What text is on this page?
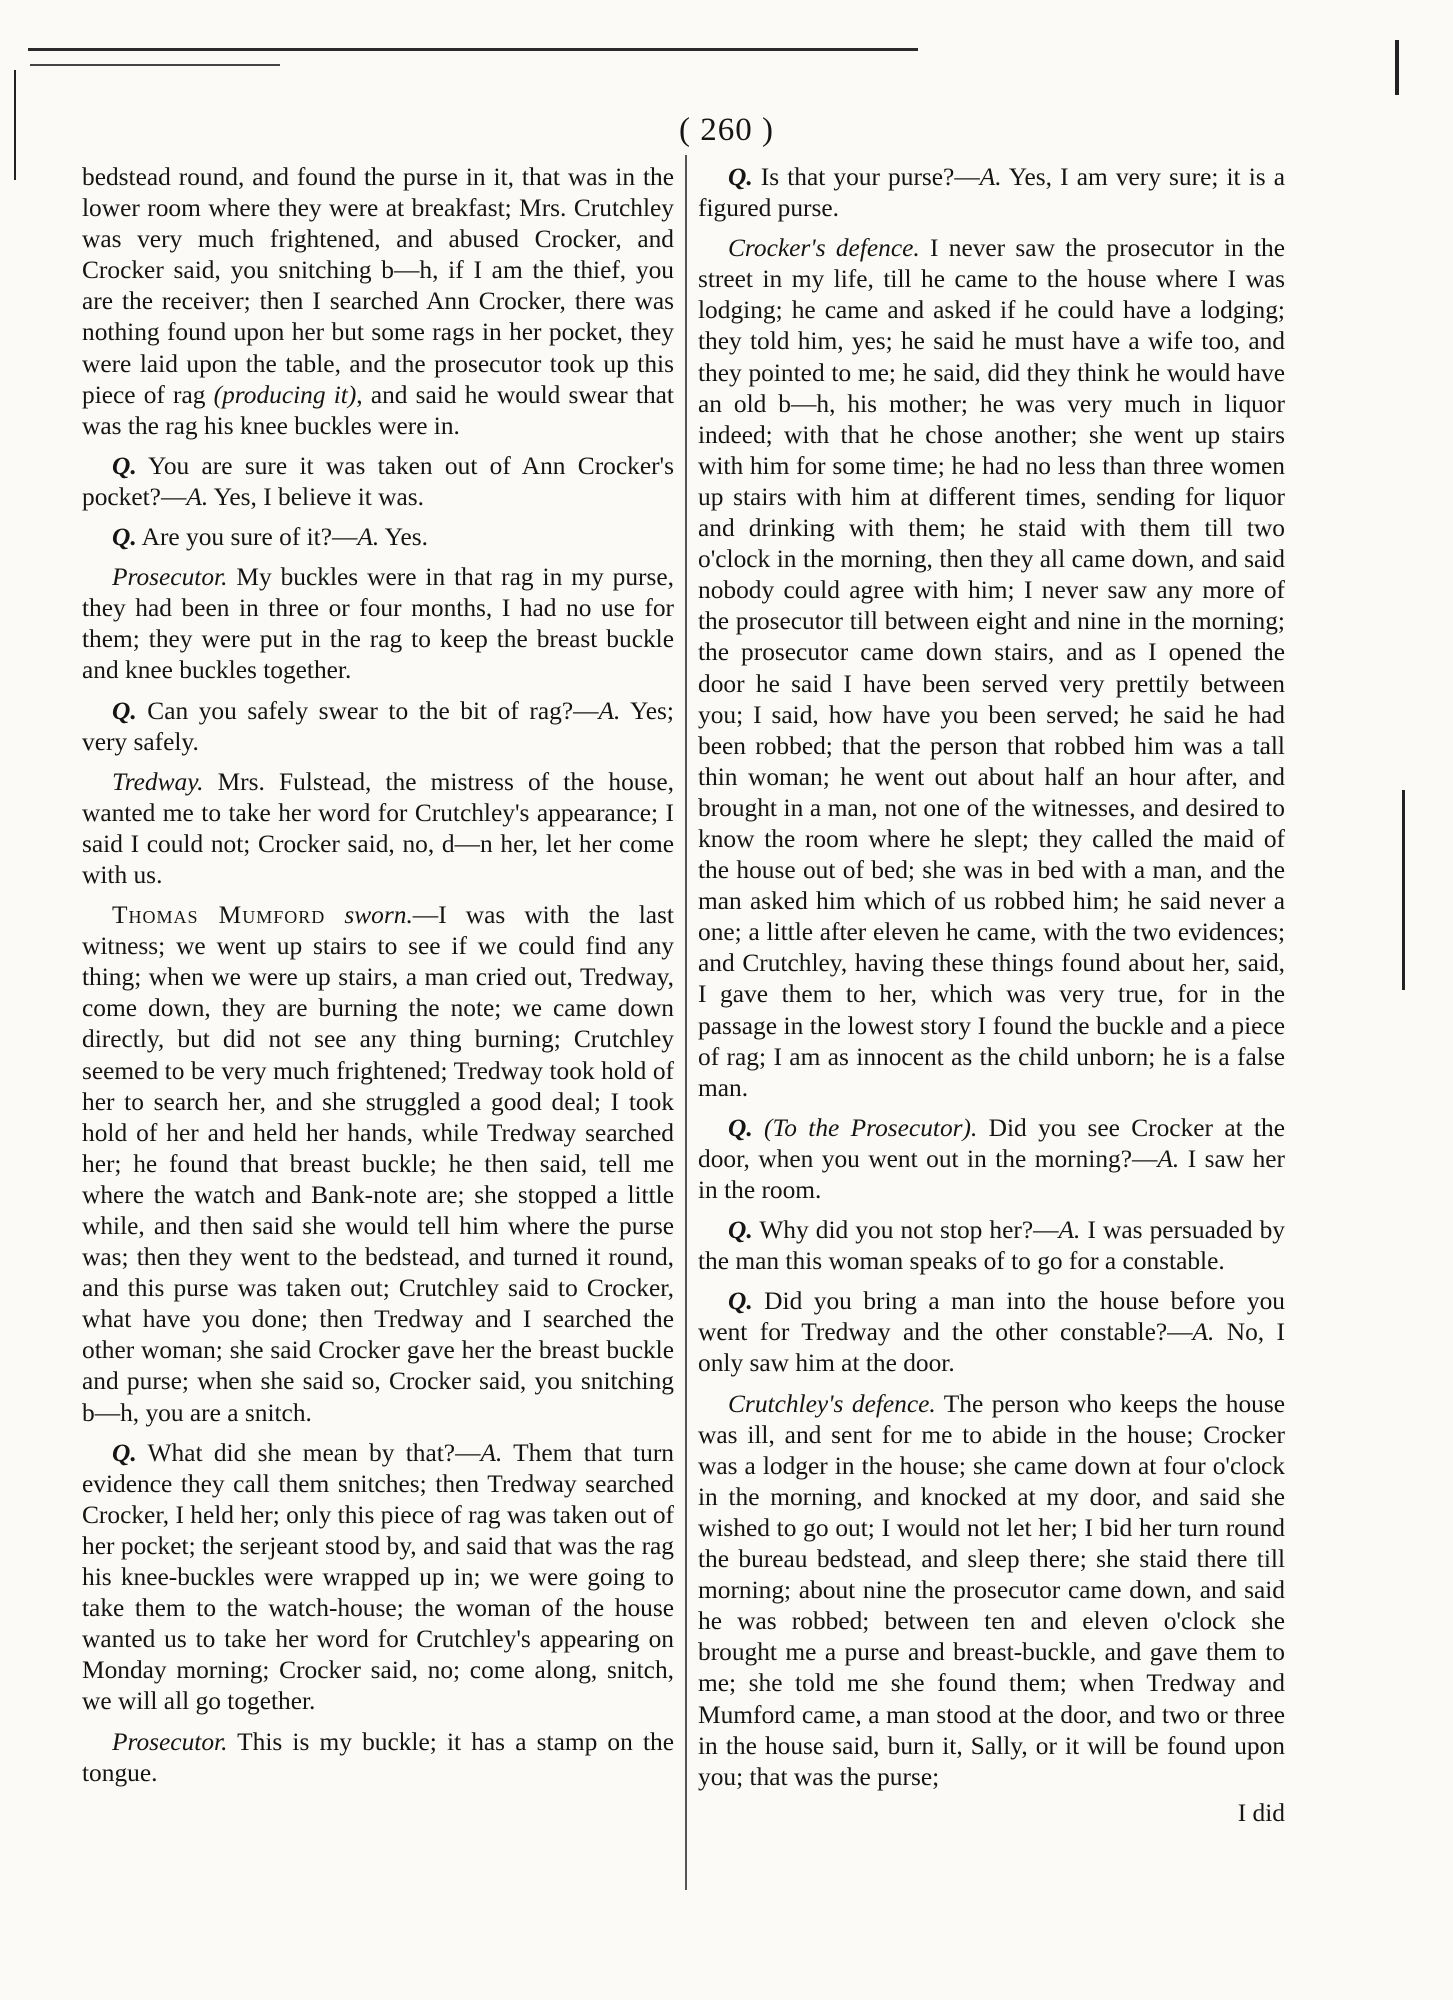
( 260 )

bedstead round, and found the purse in it, that was in the lower room where they were at breakfast; Mrs. Crutchley was very much frightened, and abused Crocker, and Crocker said, you snitching b—h, if I am the thief, you are the receiver; then I searched Ann Crocker, there was nothing found upon her but some rags in her pocket, they were laid upon the table, and the prosecutor took up this piece of rag (producing it), and said he would swear that was the rag his knee buckles were in.

Q. You are sure it was taken out of Ann Crocker's pocket?—A. Yes, I believe it was.

Q. Are you sure of it?—A. Yes.

Prosecutor. My buckles were in that rag in my purse, they had been in three or four months, I had no use for them; they were put in the rag to keep the breast buckle and knee buckles together.

Q. Can you safely swear to the bit of rag?—A. Yes; very safely.

Tredway. Mrs. Fulstead, the mistress of the house, wanted me to take her word for Crutchley's appearance; I said I could not; Crocker said, no, d—n her, let her come with us.

Thomas Mumford sworn.—I was with the last witness; we went up stairs to see if we could find any thing; when we were up stairs, a man cried out, Tredway, come down, they are burning the note; we came down directly, but did not see any thing burning; Crutchley seemed to be very much frightened; Tredway took hold of her to search her, and she struggled a good deal; I took hold of her and held her hands, while Tredway searched her; he found that breast buckle; he then said, tell me where the watch and Bank-note are; she stopped a little while, and then said she would tell him where the purse was; then they went to the bedstead, and turned it round, and this purse was taken out; Crutchley said to Crocker, what have you done; then Tredway and I searched the other woman; she said Crocker gave her the breast buckle and purse; when she said so, Crocker said, you snitching b—h, you are a snitch.

Q. What did she mean by that?—A. Them that turn evidence they call them snitches; then Tredway searched Crocker, I held her; only this piece of rag was taken out of her pocket; the serjeant stood by, and said that was the rag his knee-buckles were wrapped up in; we were going to take them to the watch-house; the woman of the house wanted us to take her word for Crutchley's appearing on Monday morning; Crocker said, no; come along, snitch, we will all go together.

Prosecutor. This is my buckle; it has a stamp on the tongue.

Q. Is that your purse?—A. Yes, I am very sure; it is a figured purse.

Crocker's defence. I never saw the prosecutor in the street in my life, till he came to the house where I was lodging; he came and asked if he could have a lodging; they told him, yes; he said he must have a wife too, and they pointed to me; he said, did they think he would have an old b—h, his mother; he was very much in liquor indeed; with that he chose another; she went up stairs with him for some time; he had no less than three women up stairs with him at different times, sending for liquor and drinking with them; he staid with them till two o'clock in the morning, then they all came down, and said nobody could agree with him; I never saw any more of the prosecutor till between eight and nine in the morning; the prosecutor came down stairs, and as I opened the door he said I have been served very prettily between you; I said, how have you been served; he said he had been robbed; that the person that robbed him was a tall thin woman; he went out about half an hour after, and brought in a man, not one of the witnesses, and desired to know the room where he slept; they called the maid of the house out of bed; she was in bed with a man, and the man asked him which of us robbed him; he said never a one; a little after eleven he came, with the two evidences; and Crutchley, having these things found about her, said, I gave them to her, which was very true, for in the passage in the lowest story I found the buckle and a piece of rag; I am as innocent as the child unborn; he is a false man.

Q. (To the Prosecutor). Did you see Crocker at the door, when you went out in the morning?—A. I saw her in the room.

Q. Why did you not stop her?—A. I was persuaded by the man this woman speaks of to go for a constable.

Q. Did you bring a man into the house before you went for Tredway and the other constable?—A. No, I only saw him at the door.

Crutchley's defence. The person who keeps the house was ill, and sent for me to abide in the house; Crocker was a lodger in the house; she came down at four o'clock in the morning, and knocked at my door, and said she wished to go out; I would not let her; I bid her turn round the bureau bedstead, and sleep there; she staid there till morning; about nine the prosecutor came down, and said he was robbed; between ten and eleven o'clock she brought me a purse and breast-buckle, and gave them to me; she told me she found them; when Tredway and Mumford came, a man stood at the door, and two or three in the house said, burn it, Sally, or it will be found upon you; that was the purse;

I did
